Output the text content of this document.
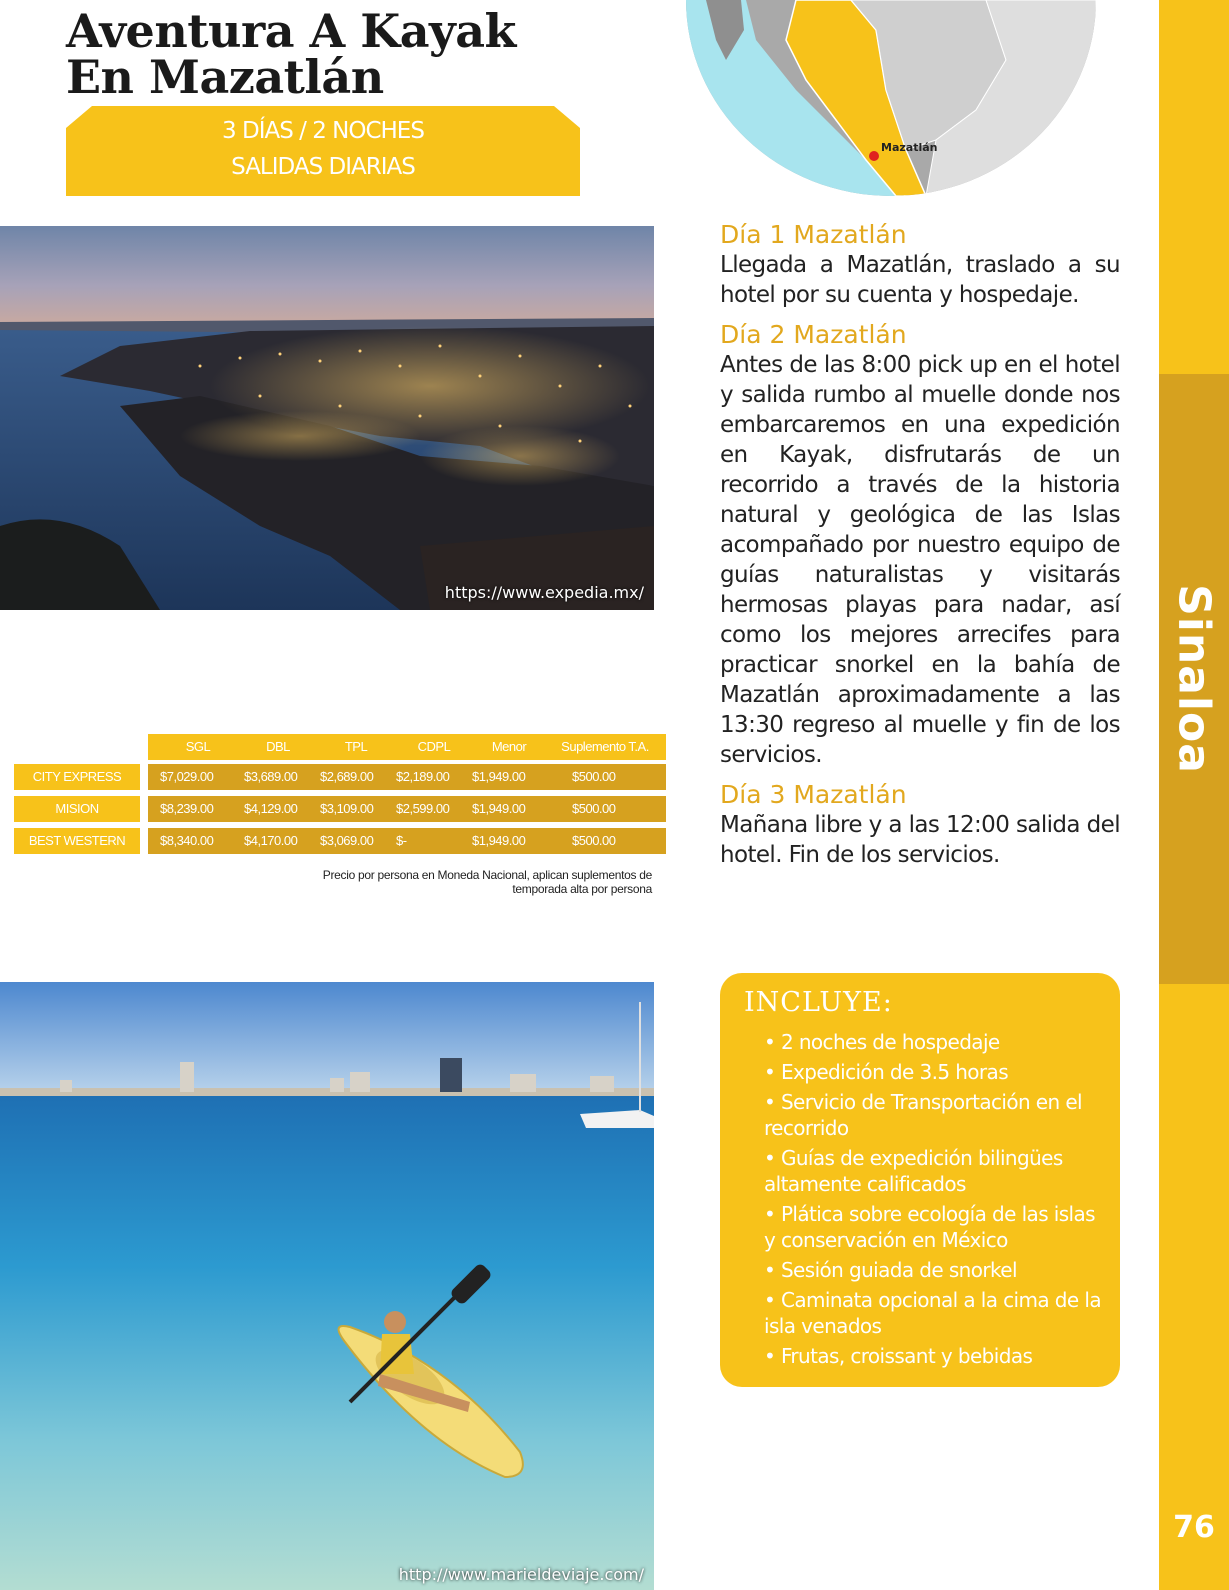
Aventura A Kayak
En Mazatlán
3 DÍAS / 2 NOCHES
SALIDAS DIARIAS
Mazatlán
https://www.expedia.mx/

Día 1 Mazatlán

Llegada a Mazatlán, traslado a su hotel por su cuenta y hospedaje.

Día 2 Mazatlán

Antes de las 8:00 pick up en el hotel y salida rumbo al muelle donde nos embarcaremos en una expedición en Kayak, disfrutarás de un recorrido a través de la historia natural y geológica de las Islas acompañado por nuestro equipo de guías naturalistas y visitarás hermosas playas para nadar, así como los mejores arrecifes para practicar snorkel en la bahía de Mazatlán aproximadamente a las 13:30 regreso al muelle y fin de los servicios.

Día 3 Mazatlán

Mañana libre y a las 12:00 salida del hotel. Fin de los servicios.

SGL	DBL	TPL	CDPL	Menor	Suplemento T.A.
CITY EXPRESS	$7,029.00 $3,689.00 $2,689.00 $2,189.00 $1,949.00	$500.00
MISION	$8,239.00 $4,129.00 $3,109.00 $2,599.00 $1,949.00	$500.00
BEST WESTERN	$8,340.00 $4,170.00 $3,069.00 $-	$1,949.00	$500.00
Precio por persona en Moneda Nacional, aplican suplementos de
temporada alta por persona
http://www.marieldeviaje.com/
INCLUYE:
• 2 noches de hospedaje
• Expedición de 3.5 horas
• Servicio de Transportación en el recorrido
• Guías de expedición bilingües altamente calificados
• Plática sobre ecología de las islas y conservación en México
• Sesión guiada de snorkel
• Caminata opcional a la cima de la isla venados
• Frutas, croissant y bebidas
Sinaloa
76
